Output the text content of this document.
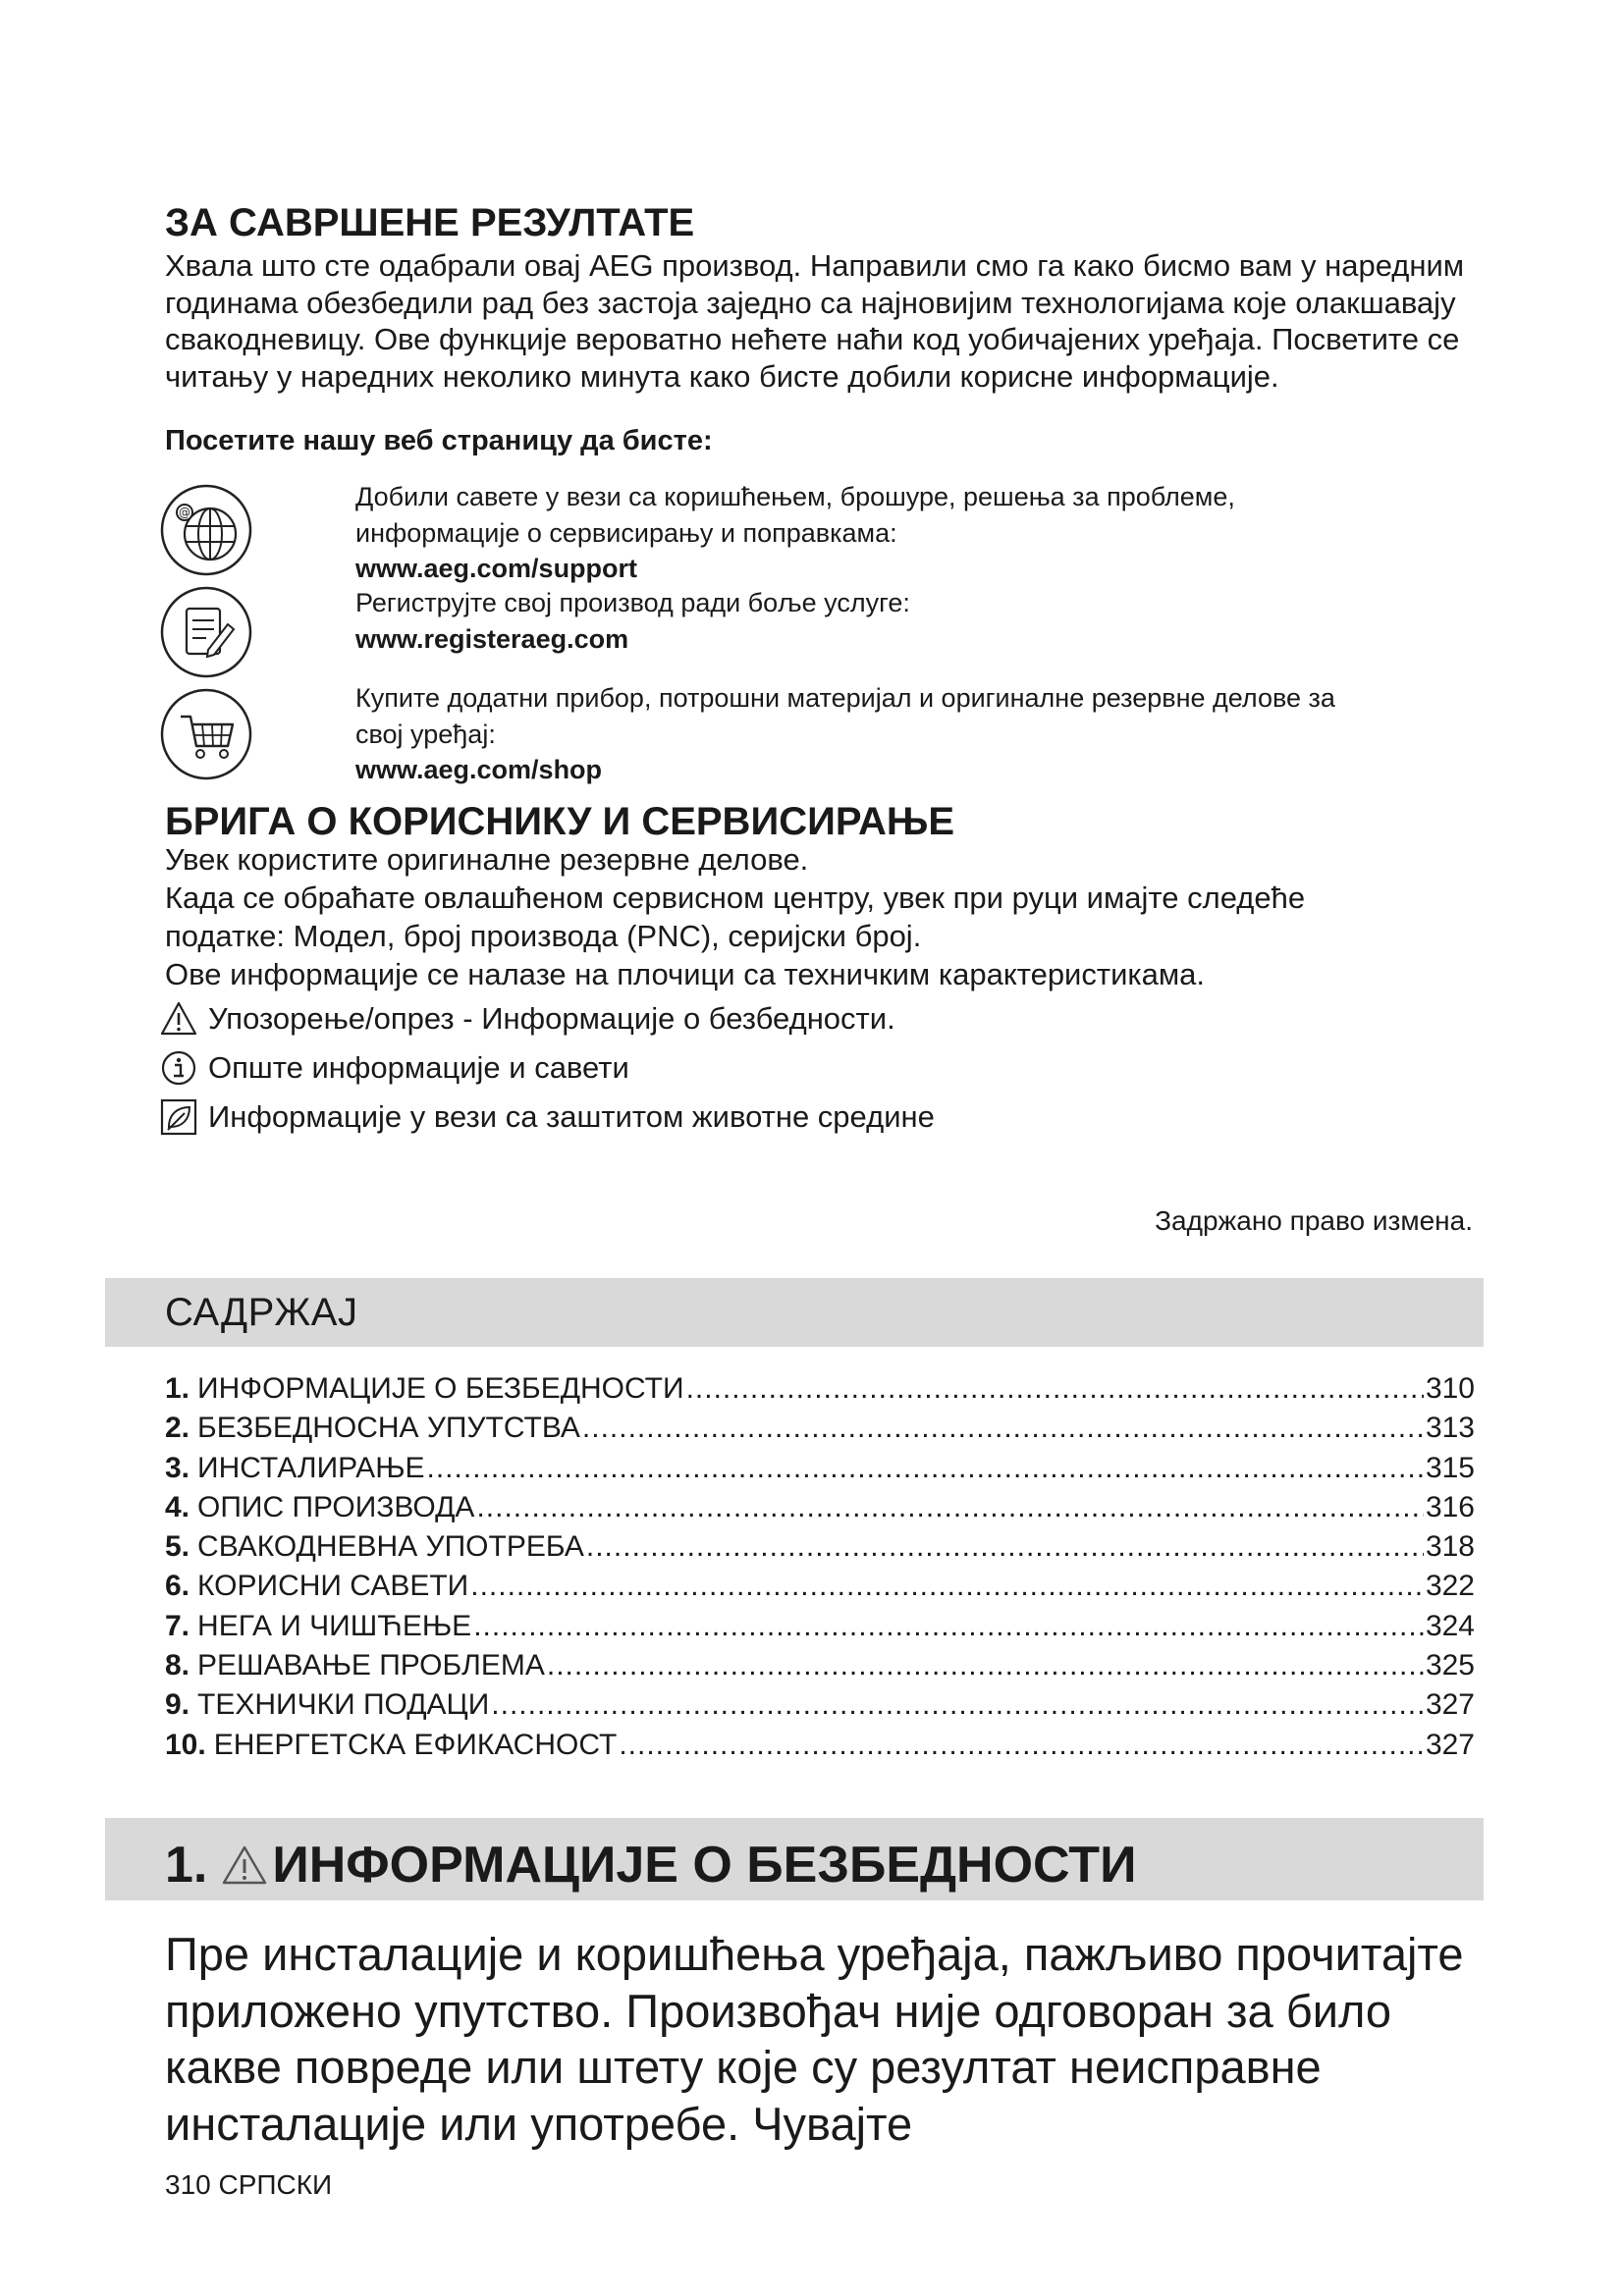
ЗА САВРШЕНЕ РЕЗУЛТАТЕ

Хвала што сте одабрали овај AEG производ. Направили смо га како бисмо вам у наредним годинама обезбедили рад без застоја заједно са најновијим технологијама које олакшавају свакодневицу. Ове функције вероватно нећете наћи код уобичајених уређаја. Посветите се читању у наредних неколико минута како бисте добили корисне информације.

Посетите нашу веб страницу да бисте:
@
Добили савете у вези са коришћењем, брошуре, решења за проблеме,
информације о сервисирању и поправкама:
www.aeg.com/support
Региструјте свој производ ради боље услуге:
www.registeraeg.com
Купите додатни прибор, потрошни материјал и оригиналне резервне делове за
свој уређај:
www.aeg.com/shop
БРИГА О КОРИСНИКУ И СЕРВИСИРАЊЕ
Увек користите оригиналне резервне делове.
Када се обраћате овлашћеном сервисном центру, увек при руци имајте следеће
податке: Модел, број производа (PNC), серијски број.
Ове информације се налазе на плочици са техничким карактеристикама.
Упозорење/опрез - Информације о безбедности.
Опште информације и савети
Информације у вези са заштитом животне средине
Задржано право измена.
САДРЖАЈ
1. ИНФОРМАЦИЈЕ О БЕЗБЕДНОСТИ .....	310
2. БЕЗБЕДНОСНА УПУТСТВА .....	313
3. ИНСТАЛИРАЊЕ .....	315
4. ОПИС ПРОИЗВОДА .....	316
5. СВАКОДНЕВНА УПОТРЕБА .....	318
6. КОРИСНИ САВЕТИ .....	322
7. НЕГА И ЧИШЋЕЊЕ .....	324
8. РЕШАВАЊЕ ПРОБЛЕМА .....	325
9. ТЕХНИЧКИ ПОДАЦИ .....	327
10. ЕНЕРГЕТСКА ЕФИКАСНОСТ .....	327
1. ИНФОРМАЦИЈЕ О БЕЗБЕДНОСТИ

Пре инсталације и коришћења уређаја, пажљиво прочитајте приложено упутство. Произвођач није одговоран за било какве повреде или штету које су резултат неисправне инсталације или употребе. Чувајте

310 СРПСКИ
